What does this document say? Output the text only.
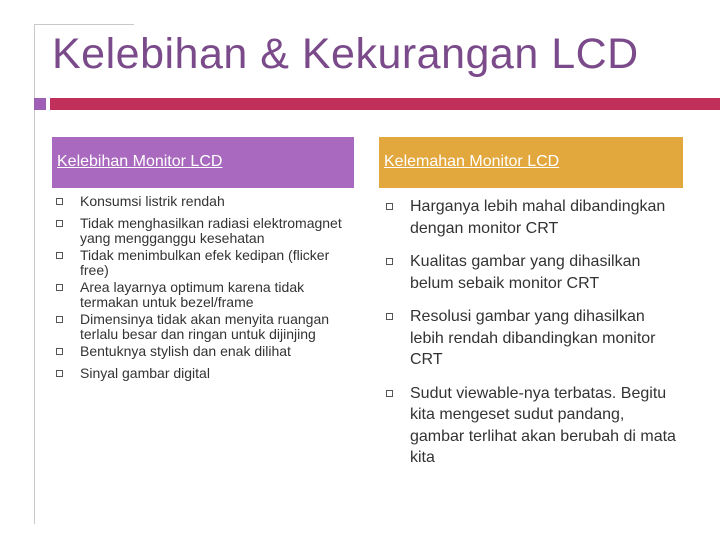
Kelebihan & Kekurangan LCD
Kelebihan Monitor LCD	Kelemahan Monitor LCD
Konsumsi listrik rendah
Tidak menghasilkan radiasi elektromagnet yang mengganggu kesehatan
Tidak menimbulkan efek kedipan (flicker free)
Area layarnya optimum karena tidak termakan untuk bezel/frame
Dimensinya tidak akan menyita ruangan terlalu besar dan ringan untuk dijinjing
Bentuknya stylish dan enak dilihat
Sinyal gambar digital
Harganya lebih mahal dibandingkan dengan monitor CRT
Kualitas gambar yang dihasilkan belum sebaik monitor CRT
Resolusi gambar yang dihasilkan lebih rendah dibandingkan monitor CRT
Sudut viewable-nya terbatas. Begitu kita mengeset sudut pandang, gambar terlihat akan berubah di mata kita
